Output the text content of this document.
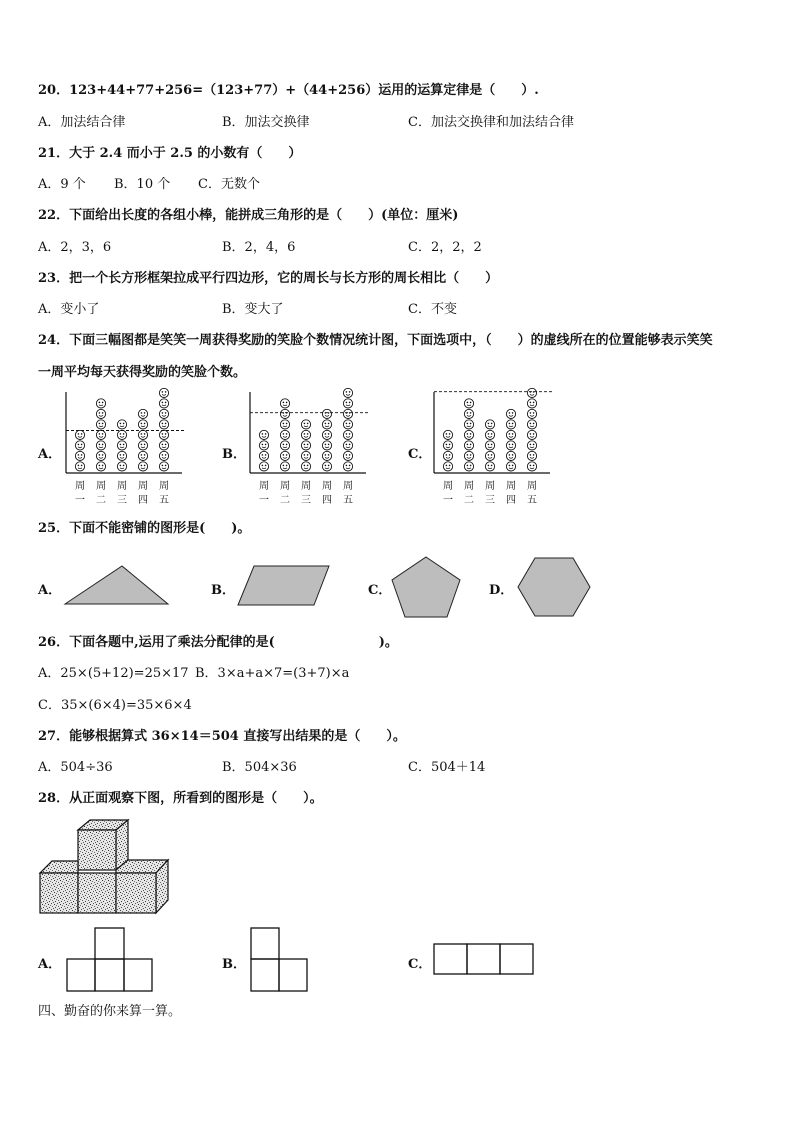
20．123+44+77+256=（123+77）+（44+256）运用的运算定律是（　　）.
A．加法结合律	B．加法交换律	C．加法交换律和加法结合律
21．大于 2.4 而小于 2.5 的小数有（　　）
A．9 个 B．10 个 C．无数个
22．下面给出长度的各组小棒，能拼成三角形的是（　　）(单位：厘米)
A．2，3，6	B．2，4，6	C．2，2，2
23．把一个长方形框架拉成平行四边形，它的周长与长方形的周长相比（　　）
A．变小了	B．变大了	C．不变
24．下面三幅图都是笑笑一周获得奖励的笑脸个数情况统计图，下面选项中，（　　）的虚线所在的位置能够表示笑笑
一周平均每天获得奖励的笑脸个数。
A．	B．	C．
周
一
周
二
周
三
周
四
周
五
周
一
周
二
周
三
周
四
周
五
周
一
周
二
周
三
周
四
周
五
25．下面不能密铺的图形是(　　)。
A．	B．	C．	D．
26．下面各题中,运用了乘法分配律的是(　　　　　　　　)。
A．25×(5+12)=25×17 B．3×a+a×7=(3+7)×a
C．35×(6×4)=35×6×4
27．能够根据算式 36×14＝504 直接写出结果的是（　　）。
A．504÷36	B．504×36	C．504＋14
28．从正面观察下图，所看到的图形是（　　）。
A．	B．	C．
四、勤奋的你来算一算。
